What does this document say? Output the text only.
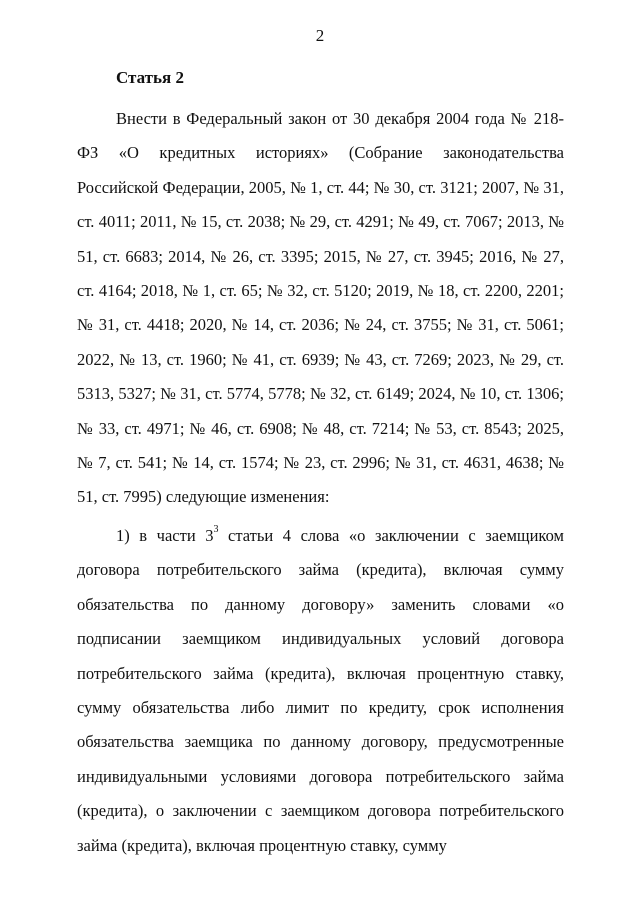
2
Статья 2

Внести в Федеральный закон от 30 декабря 2004 года № 218-ФЗ «О кредитных историях» (Собрание законодательства Российской Федерации, 2005, № 1, ст. 44; № 30, ст. 3121; 2007, № 31, ст. 4011; 2011, № 15, ст. 2038; № 29, ст. 4291; № 49, ст. 7067; 2013, № 51, ст. 6683; 2014, № 26, ст. 3395; 2015, № 27, ст. 3945; 2016, № 27, ст. 4164; 2018, № 1, ст. 65; № 32, ст. 5120; 2019, № 18, ст. 2200, 2201; № 31, ст. 4418; 2020, № 14, ст. 2036; № 24, ст. 3755; № 31, ст. 5061; 2022, № 13, ст. 1960; № 41, ст. 6939; № 43, ст. 7269; 2023, № 29, ст. 5313, 5327; № 31, ст. 5774, 5778; № 32, ст. 6149; 2024, № 10, ст. 1306; № 33, ст. 4971; № 46, ст. 6908; № 48, ст. 7214; № 53, ст. 8543; 2025, № 7, ст. 541; № 14, ст. 1574; № 23, ст. 2996; № 31, ст. 4631, 4638; № 51, ст. 7995) следующие изменения:

1) в части $3^3$ статьи 4 слова «о заключении с заемщиком договора потребительского займа (кредита), включая сумму обязательства по данному договору» заменить словами «о подписании заемщиком индивидуальных условий договора потребительского займа (кредита), включая процентную ставку, сумму обязательства либо лимит по кредиту, срок исполнения обязательства заемщика по данному договору, предусмотренные индивидуальными условиями договора потребительского займа (кредита), о заключении с заемщиком договора потребительского займа (кредита), включая процентную ставку, сумму
